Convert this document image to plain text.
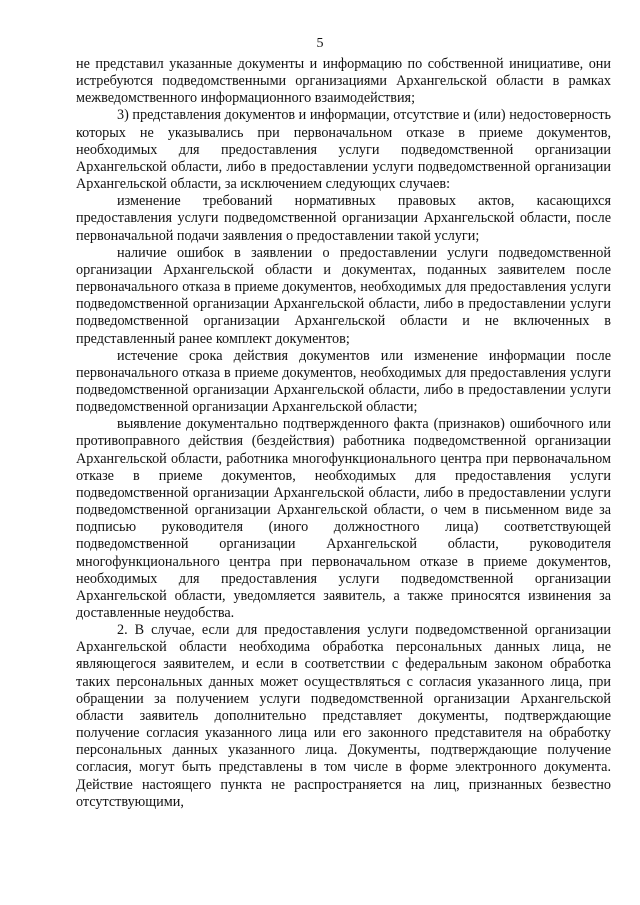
5

не представил указанные документы и информацию по собственной инициативе, они истребуются подведомственными организациями Архангельской области в рамках межведомственного информационного взаимодействия;

3) представления документов и информации, отсутствие и (или) недостоверность которых не указывались при первоначальном отказе в приеме документов, необходимых для предоставления услуги подведомственной организации Архангельской области, либо в предоставлении услуги подведомственной организации Архангельской области, за исключением следующих случаев:

изменение требований нормативных правовых актов, касающихся предоставления услуги подведомственной организации Архангельской области, после первоначальной подачи заявления о предоставлении такой услуги;

наличие ошибок в заявлении о предоставлении услуги подведомственной организации Архангельской области и документах, поданных заявителем после первоначального отказа в приеме документов, необходимых для предоставления услуги подведомственной организации Архангельской области, либо в предоставлении услуги подведомственной организации Архангельской области и не включенных в представленный ранее комплект документов;

истечение срока действия документов или изменение информации после первоначального отказа в приеме документов, необходимых для предоставления услуги подведомственной организации Архангельской области, либо в предоставлении услуги подведомственной организации Архангельской области;

выявление документально подтвержденного факта (признаков) ошибочного или противоправного действия (бездействия) работника подведомственной организации Архангельской области, работника многофункционального центра при первоначальном отказе в приеме документов, необходимых для предоставления услуги подведомственной организации Архангельской области, либо в предоставлении услуги подведомственной организации Архангельской области, о чем в письменном виде за подписью руководителя (иного должностного лица) соответствующей подведомственной организации Архангельской области, руководителя многофункционального центра при первоначальном отказе в приеме документов, необходимых для предоставления услуги подведомственной организации Архангельской области, уведомляется заявитель, а также приносятся извинения за доставленные неудобства.

2. В случае, если для предоставления услуги подведомственной организации Архангельской области необходима обработка персональных данных лица, не являющегося заявителем, и если в соответствии с федеральным законом обработка таких персональных данных может осуществляться с согласия указанного лица, при обращении за получением услуги подведомственной организации Архангельской области заявитель дополнительно представляет документы, подтверждающие получение согласия указанного лица или его законного представителя на обработку персональных данных указанного лица. Документы, подтверждающие получение согласия, могут быть представлены в том числе в форме электронного документа. Действие настоящего пункта не распространяется на лиц, признанных безвестно отсутствующими,
